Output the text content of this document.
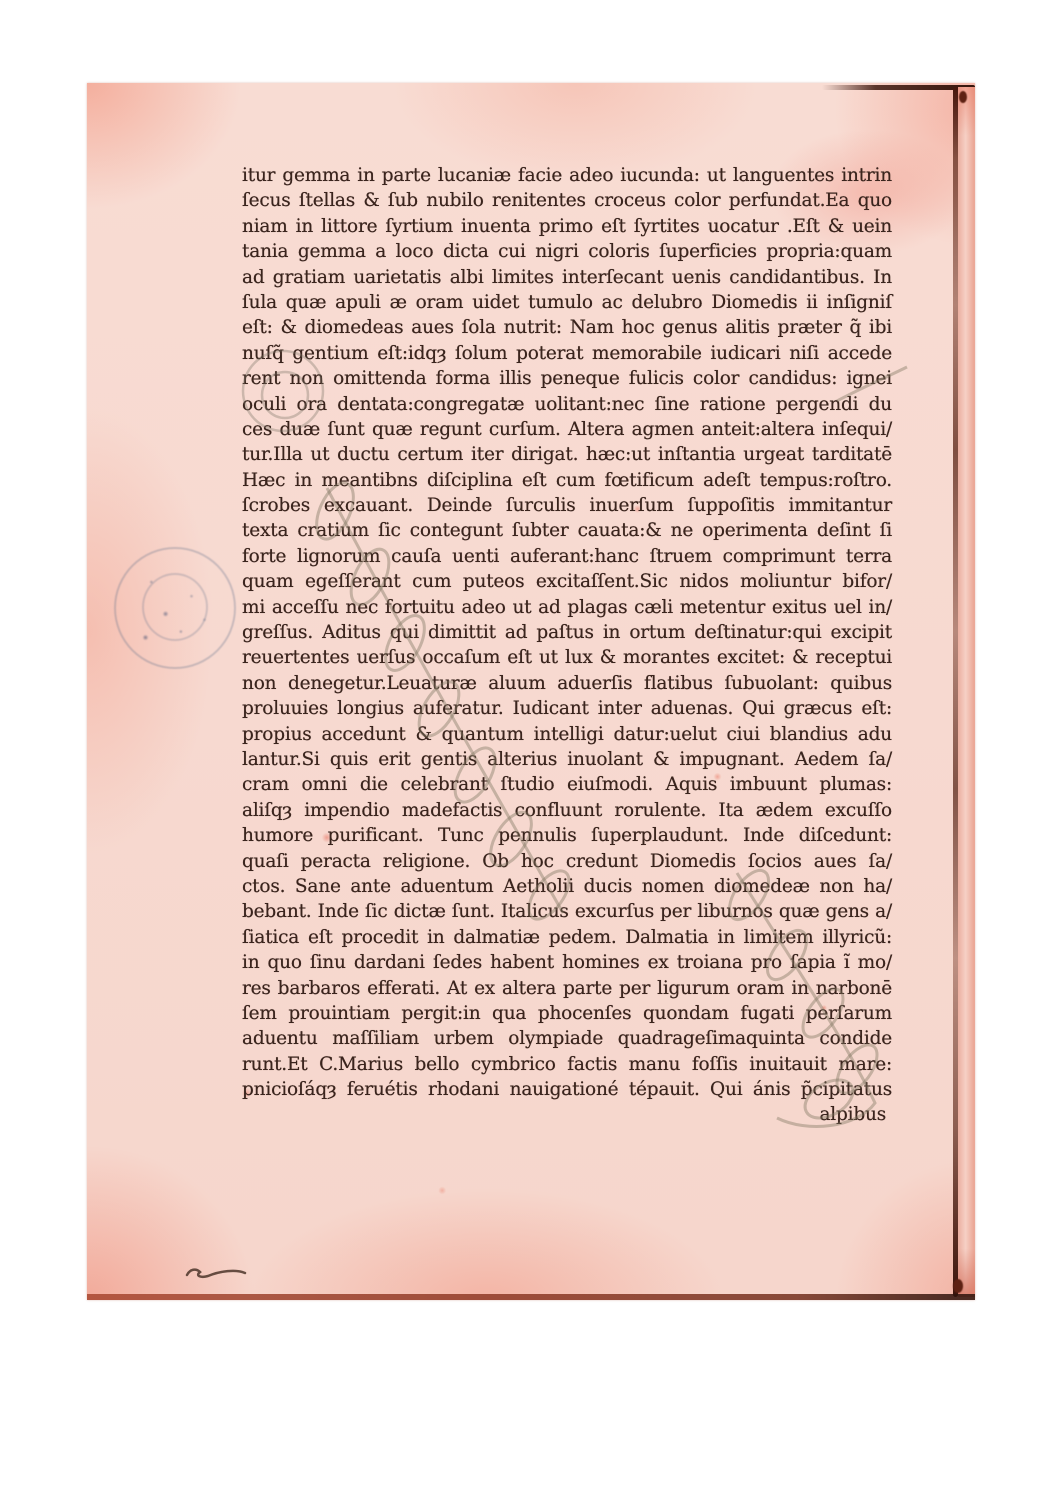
itur gemma in parte lucaniæ facie adeo iucunda: ut languentes intrin
ſecus ſtellas & ſub nubilo renitentes croceus color perfundat.Ea quo
niam in littore ſyrtium inuenta primo eſt ſyrtites uocatur .Eſt & uein
tania gemma a loco dicta cui nigri coloris ſuperficies propria:quam
ad gratiam uarietatis albi limites interſecant uenis candidantibus. In
ſula quæ apuli æ oram uidet tumulo ac delubro Diomedis ii inſigniſ
eſt: & diomedeas aues ſola nutrit: Nam hoc genus alitis præter q̃ ibi
nuſq̃ gentium eſt:idqȝ ſolum poterat memorabile iudicari niſi accede
rent non omittenda forma illis peneque fulicis color candidus: ignei
oculi ora dentata:congregatæ uolitant:nec ſine ratione pergendi du
ces duæ ſunt quæ regunt curſum. Altera agmen anteit:altera inſequi/
tur.Illa ut ductu certum iter dirigat. hæc:ut inſtantia urgeat tarditatē
Hæc in meantibns diſciplina eſt cum fœtificum adeſt tempus:roſtro.
ſcrobes excauant. Deinde ſurculis inuerſum ſuppoſitis immitantur
texta cratium ſic contegunt ſubter cauata:& ne operimenta deſint ſi
forte lignorum cauſa uenti auferant:hanc ſtruem comprimunt terra
quam egeſſerant cum puteos excitaſſent.Sic nidos moliuntur bifor/
mi acceſſu nec fortuitu adeo ut ad plagas cæli metentur exitus uel in/
greſſus. Aditus qui dimittit ad paſtus in ortum deſtinatur:qui excipit
reuertentes uerſus occaſum eſt ut lux & morantes excitet: & receptui
non denegetur.Leuaturæ aluum aduerſis flatibus ſubuolant: quibus
proluuies longius auferatur. Iudicant inter aduenas. Qui græcus eſt:
propius accedunt & quantum intelligi datur:uelut ciui blandius adu
lantur.Si quis erit gentis alterius inuolant & impugnant. Aedem ſa/
cram omni die celebrant ſtudio eiuſmodi. Aquis imbuunt plumas:
aliſqȝ impendio madefactis confluunt rorulente. Ita ædem excuſſo
humore purificant. Tunc pennulis ſuperplaudunt. Inde diſcedunt:
quaſi peracta religione. Ob hoc credunt Diomedis ſocios aues ſa/
ctos. Sane ante aduentum Aetholii ducis nomen diomedeæ non ha/
bebant. Inde ſic dictæ ſunt. Italicus excurſus per liburnos quæ gens a/
ſiatica eſt procedit in dalmatiæ pedem. Dalmatia in limitem illyricũ:
in quo ſinu dardani ſedes habent homines ex troiana pro ſapia ĩ mo/
res barbaros efferati. At ex altera parte per ligurum oram in narbonē
ſem prouintiam pergit:in qua phocenſes quondam fugati perſarum
aduentu maſſiliam urbem olympiade quadrageſimaquinta condide
runt.Et C.Marius bello cymbrico factis manu foſſis inuitauit mare:
pnicioſáqȝ feruétis rhodani nauigationé tépauit. Qui ánis p̃cipitatus
alpibus
